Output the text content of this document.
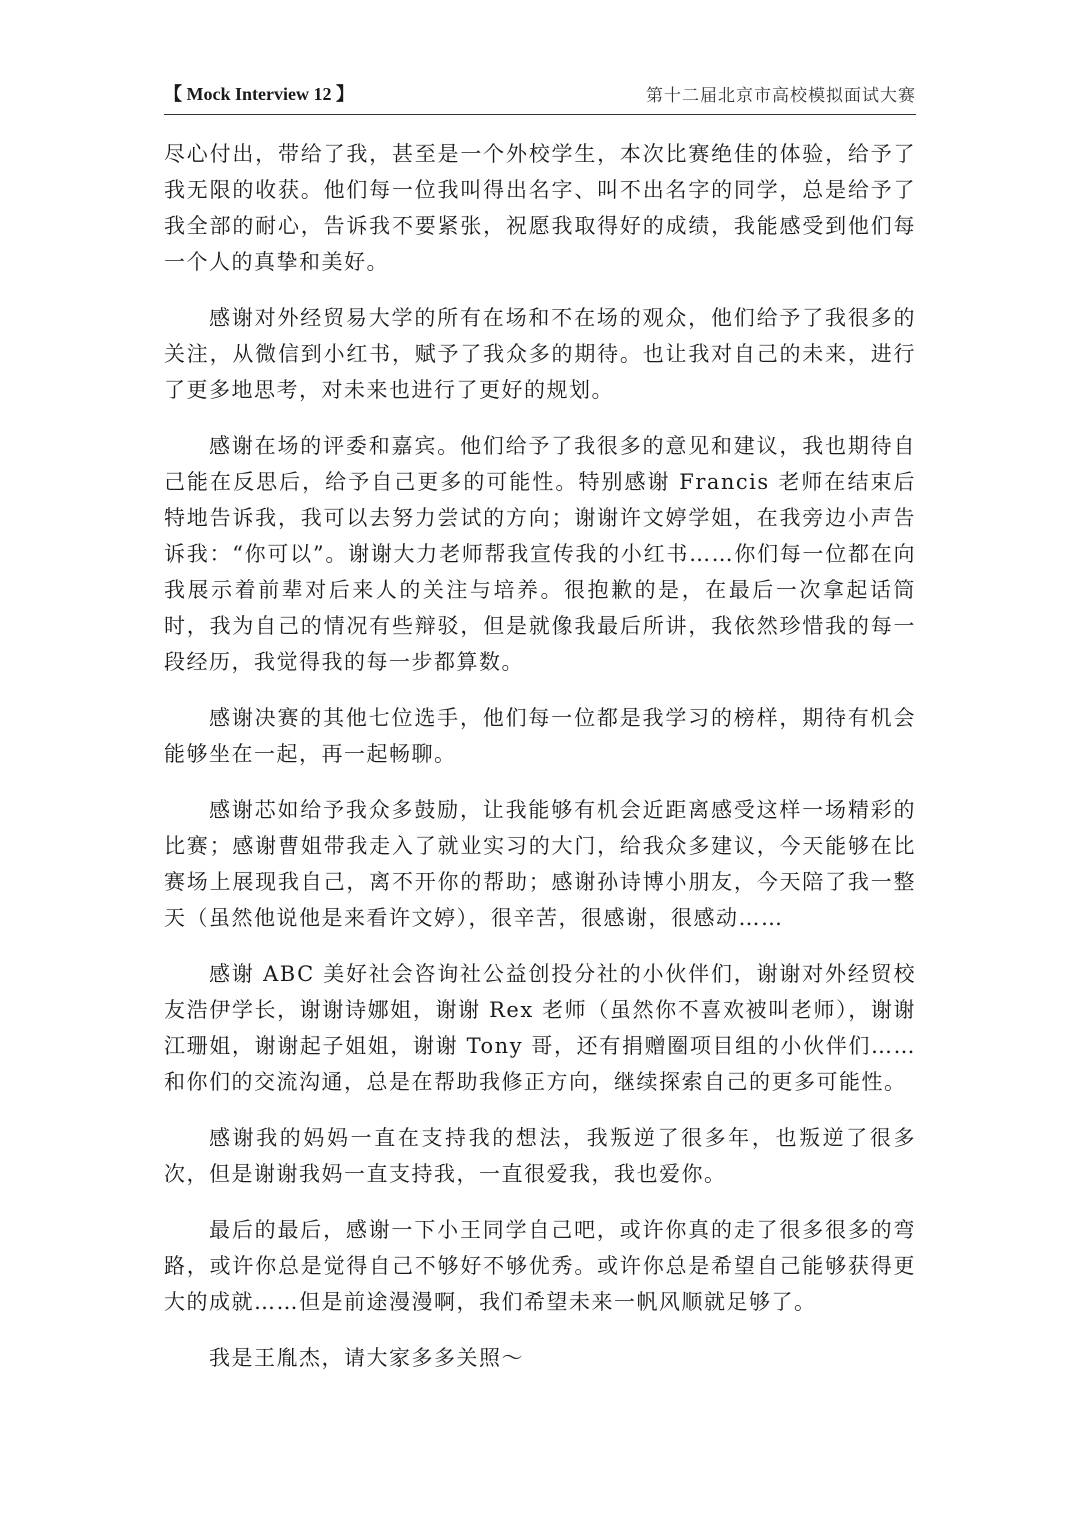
【 Mock Interview 12 】	第十二届北京市高校模拟面试大赛

尽心付出，带给了我，甚至是一个外校学生，本次比赛绝佳的体验，给予了我无限的收获。他们每一位我叫得出名字、叫不出名字的同学，总是给予了我全部的耐心，告诉我不要紧张，祝愿我取得好的成绩，我能感受到他们每一个人的真挚和美好。

感谢对外经贸易大学的所有在场和不在场的观众，他们给予了我很多的关注，从微信到小红书，赋予了我众多的期待。也让我对自己的未来，进行了更多地思考，对未来也进行了更好的规划。

感谢在场的评委和嘉宾。他们给予了我很多的意见和建议，我也期待自己能在反思后，给予自己更多的可能性。特别感谢 Francis 老师在结束后特地告诉我，我可以去努力尝试的方向；谢谢许文婷学姐，在我旁边小声告诉我：“你可以”。谢谢大力老师帮我宣传我的小红书……你们每一位都在向我展示着前辈对后来人的关注与培养。很抱歉的是，在最后一次拿起话筒时，我为自己的情况有些辩驳，但是就像我最后所讲，我依然珍惜我的每一段经历，我觉得我的每一步都算数。

感谢决赛的其他七位选手，他们每一位都是我学习的榜样，期待有机会能够坐在一起，再一起畅聊。

感谢芯如给予我众多鼓励，让我能够有机会近距离感受这样一场精彩的比赛；感谢曹姐带我走入了就业实习的大门，给我众多建议，今天能够在比赛场上展现我自己，离不开你的帮助；感谢孙诗博小朋友，今天陪了我一整天（虽然他说他是来看许文婷），很辛苦，很感谢，很感动……

感谢 ABC 美好社会咨询社公益创投分社的小伙伴们，谢谢对外经贸校友浩伊学长，谢谢诗娜姐，谢谢 Rex 老师（虽然你不喜欢被叫老师），谢谢江珊姐，谢谢起子姐姐，谢谢 Tony 哥，还有捐赠圈项目组的小伙伴们……和你们的交流沟通，总是在帮助我修正方向，继续探索自己的更多可能性。

感谢我的妈妈一直在支持我的想法，我叛逆了很多年，也叛逆了很多次，但是谢谢我妈一直支持我，一直很爱我，我也爱你。

最后的最后，感谢一下小王同学自己吧，或许你真的走了很多很多的弯路，或许你总是觉得自己不够好不够优秀。或许你总是希望自己能够获得更大的成就……但是前途漫漫啊，我们希望未来一帆风顺就足够了。

我是王胤杰，请大家多多关照～
